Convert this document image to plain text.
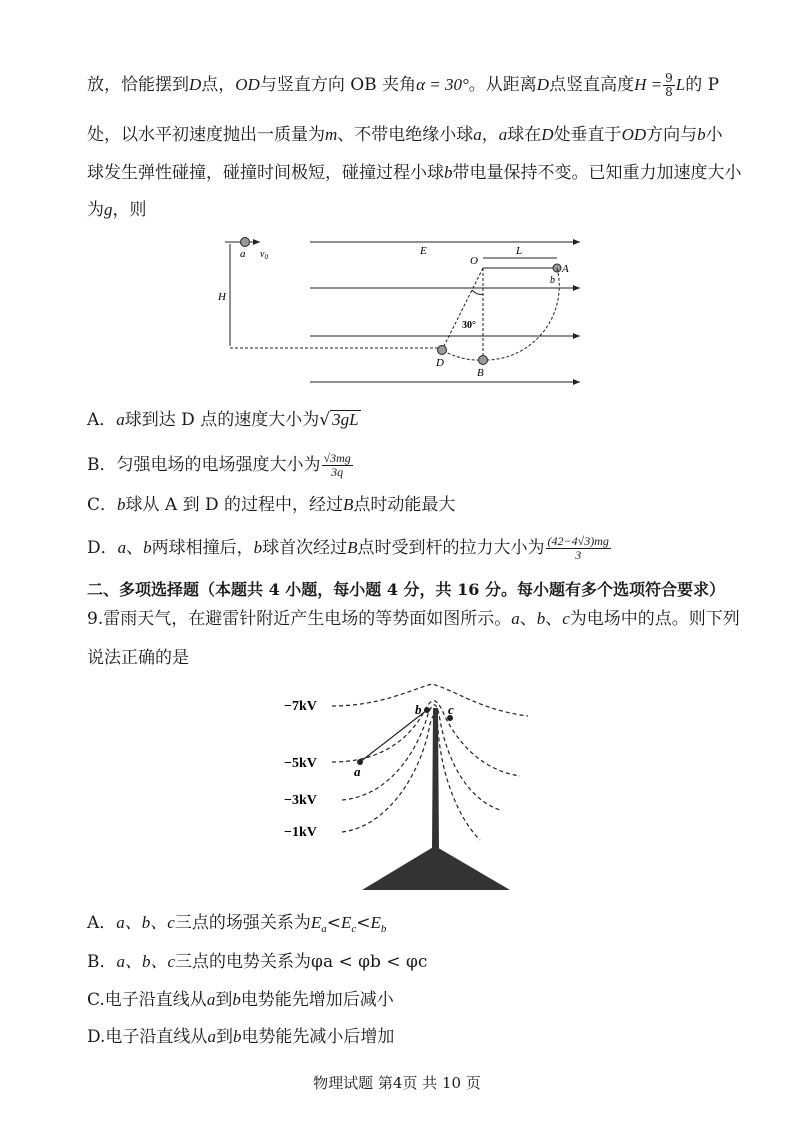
放，恰能摆到D点，OD与竖直方向 OB 夹角α = 30°。从距离D点竖直高度$H = \frac{9}{8}$ L的 P
处，以水平初速度抛出一质量为m、不带电绝缘小球a，a球在D处垂直于OD方向与b小
球发生弹性碰撞，碰撞时间极短，碰撞过程小球b带电量保持不变。已知重力加速度大小
为g，则
a $v_0$	E
H
L
O
A
b
30°
D
B
A．a球到达 D 点的速度大小为√ 3gL
B．匀强电场的电场强度大小为 $\frac{√3mg}{3q}$
C．b球从 A 到 D 的过程中，经过B点时动能最大
D．a、b两球相撞后，b球首次经过B点时受到杆的拉力大小为 $\frac{(42-4√3)mg}{3}$
二、多项选择题（本题共 4 小题，每小题 4 分，共 16 分。每小题有多个选项符合要求）
9.雷雨天气，在避雷针附近产生电场的等势面如图所示。a、b、c为电场中的点。则下列
说法正确的是
−7kV
−5kV
−3kV
−1kV
a
b c
A．a、b、c三点的场强关系为$E_a<E_c<E_b$
B．a、b、c三点的电势关系为φa < φb < φc
C.电子沿直线从a到b电势能先增加后减小
D.电子沿直线从a到b电势能先减小后增加
物理试题 第4页 共 10 页
